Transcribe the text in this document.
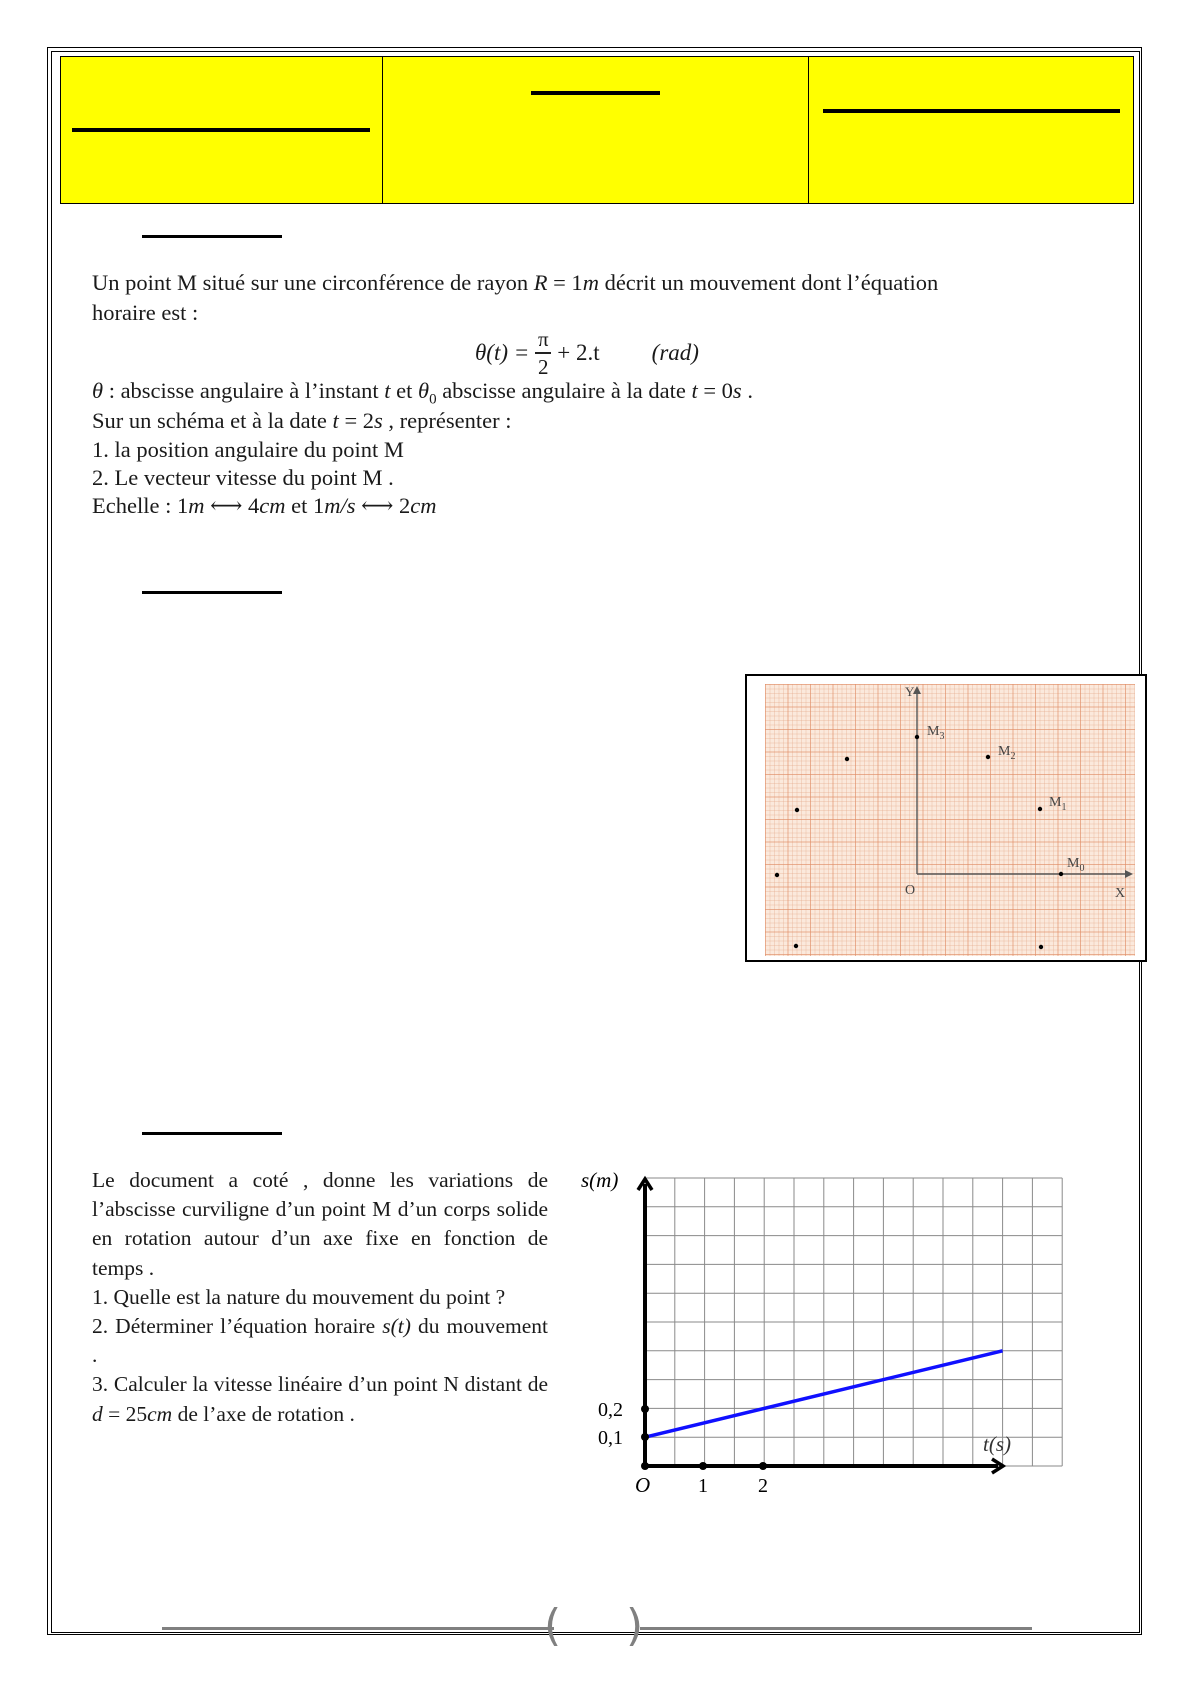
Un point M situé sur une circonférence de rayon R = 1m décrit un mouvement dont l’équation
horaire est :
$\theta(t) = \frac{\pi}{2} + 2.t$ (rad)
θ : abscisse angulaire à l’instant t et $\theta_0$ abscisse angulaire à la date t = 0s .
Sur un schéma et à la date t = 2s , représenter :
1. la position angulaire du point M
2. Le vecteur vitesse du point M .
Echelle : 1m ⟷ 4cm et 1m/s ⟷ 2cm
Y
X
O
$M_3$
$M_2$
$M_1$
$M_0$
Le document a coté , donne les variations de l’abscisse curviligne d’un point M d’un corps solide en rotation autour d’un axe fixe en fonction de temps .
1. Quelle est la nature du mouvement du point ?
2. Déterminer l’équation horaire s(t) du mouvement .
3. Calculer la vitesse linéaire d’un point N distant de d = 25cm de l’axe de rotation .
s(m)
t(s)
O 1	2
0,1
0,2
( )
